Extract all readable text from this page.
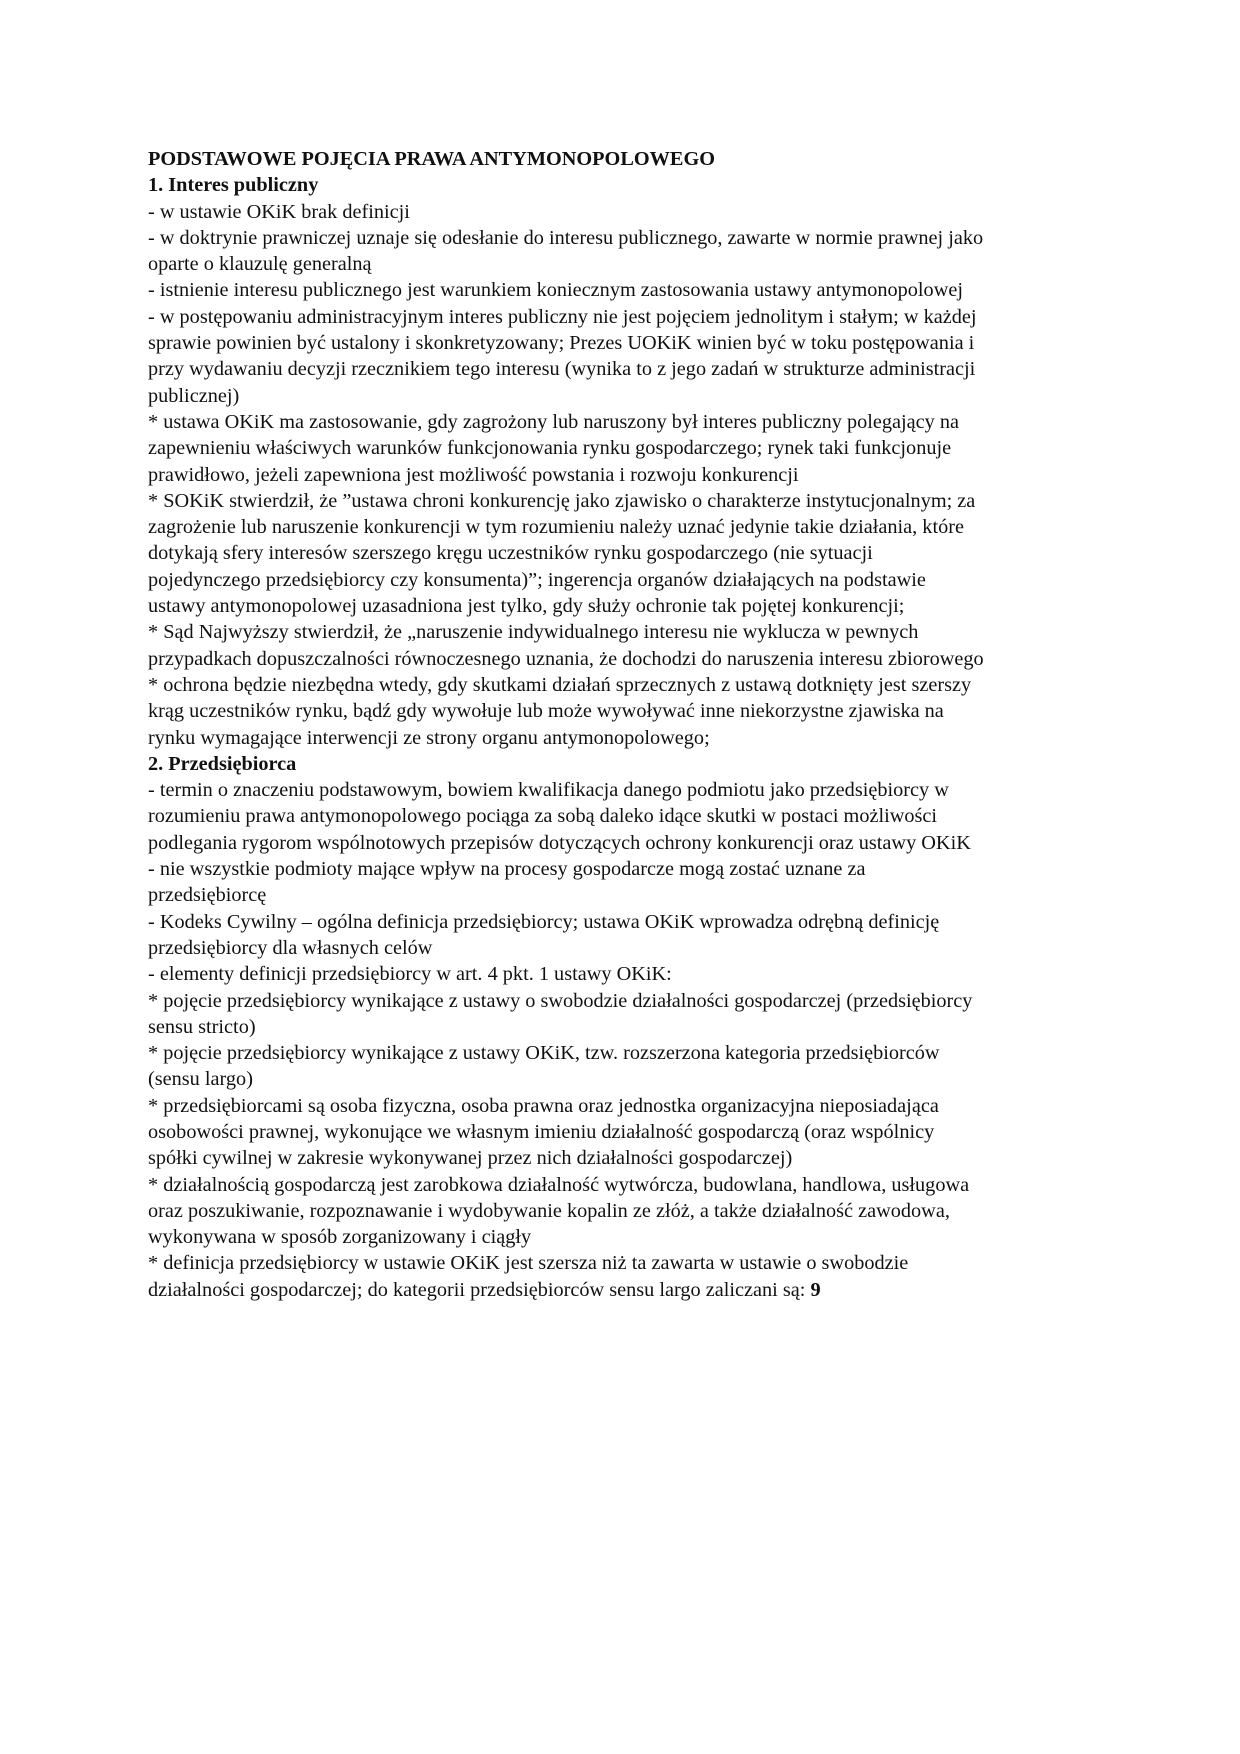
PODSTAWOWE POJĘCIA PRAWA ANTYMONOPOLOWEGO

1. Interes publiczny

- w ustawie OKiK brak definicji

- w doktrynie prawniczej uznaje się odesłanie do interesu publicznego, zawarte w normie prawnej jako

oparte o klauzulę generalną

- istnienie interesu publicznego jest warunkiem koniecznym zastosowania ustawy antymonopolowej

- w postępowaniu administracyjnym interes publiczny nie jest pojęciem jednolitym i stałym; w każdej

sprawie powinien być ustalony i skonkretyzowany; Prezes UOKiK winien być w toku postępowania i

przy wydawaniu decyzji rzecznikiem tego interesu (wynika to z jego zadań w strukturze administracji

publicznej)

* ustawa OKiK ma zastosowanie, gdy zagrożony lub naruszony był interes publiczny polegający na

zapewnieniu właściwych warunków funkcjonowania rynku gospodarczego; rynek taki funkcjonuje

prawidłowo, jeżeli zapewniona jest możliwość powstania i rozwoju konkurencji

* SOKiK stwierdził, że ”ustawa chroni konkurencję jako zjawisko o charakterze instytucjonalnym; za

zagrożenie lub naruszenie konkurencji w tym rozumieniu należy uznać jedynie takie działania, które

dotykają sfery interesów szerszego kręgu uczestników rynku gospodarczego (nie sytuacji

pojedynczego przedsiębiorcy czy konsumenta)”; ingerencja organów działających na podstawie

ustawy antymonopolowej uzasadniona jest tylko, gdy służy ochronie tak pojętej konkurencji;

* Sąd Najwyższy stwierdził, że „naruszenie indywidualnego interesu nie wyklucza w pewnych

przypadkach dopuszczalności równoczesnego uznania, że dochodzi do naruszenia interesu zbiorowego

* ochrona będzie niezbędna wtedy, gdy skutkami działań sprzecznych z ustawą dotknięty jest szerszy

krąg uczestników rynku, bądź gdy wywołuje lub może wywoływać inne niekorzystne zjawiska na

rynku wymagające interwencji ze strony organu antymonopolowego;

2. Przedsiębiorca

- termin o znaczeniu podstawowym, bowiem kwalifikacja danego podmiotu jako przedsiębiorcy w

rozumieniu prawa antymonopolowego pociąga za sobą daleko idące skutki w postaci możliwości

podlegania rygorom wspólnotowych przepisów dotyczących ochrony konkurencji oraz ustawy OKiK

- nie wszystkie podmioty mające wpływ na procesy gospodarcze mogą zostać uznane za

przedsiębiorcę

- Kodeks Cywilny – ogólna definicja przedsiębiorcy; ustawa OKiK wprowadza odrębną definicję

przedsiębiorcy dla własnych celów

- elementy definicji przedsiębiorcy w art. 4 pkt. 1 ustawy OKiK:

* pojęcie przedsiębiorcy wynikające z ustawy o swobodzie działalności gospodarczej (przedsiębiorcy

sensu stricto)

* pojęcie przedsiębiorcy wynikające z ustawy OKiK, tzw. rozszerzona kategoria przedsiębiorców

(sensu largo)

* przedsiębiorcami są osoba fizyczna, osoba prawna oraz jednostka organizacyjna nieposiadająca

osobowości prawnej, wykonujące we własnym imieniu działalność gospodarczą (oraz wspólnicy

spółki cywilnej w zakresie wykonywanej przez nich działalności gospodarczej)

* działalnością gospodarczą jest zarobkowa działalność wytwórcza, budowlana, handlowa, usługowa

oraz poszukiwanie, rozpoznawanie i wydobywanie kopalin ze złóż, a także działalność zawodowa,

wykonywana w sposób zorganizowany i ciągły

* definicja przedsiębiorcy w ustawie OKiK jest szersza niż ta zawarta w ustawie o swobodzie

działalności gospodarczej; do kategorii przedsiębiorców sensu largo zaliczani są: 9
